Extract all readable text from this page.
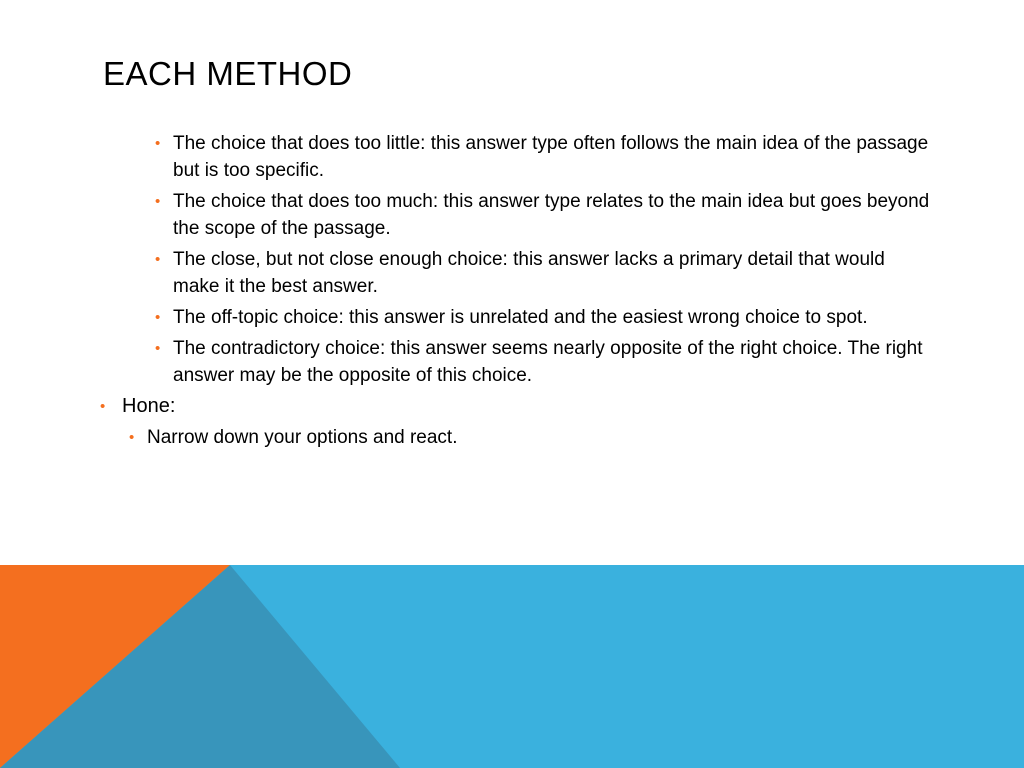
EACH METHOD
• The choice that does too little: this answer type often follows the main idea of the passage but is too specific.
• The choice that does too much: this answer type relates to the main idea but goes beyond the scope of the passage.
• The close, but not close enough choice: this answer lacks a primary detail that would make it the best answer.
• The off-topic choice: this answer is unrelated and the easiest wrong choice to spot.
• The contradictory choice: this answer seems nearly opposite of the right choice. The right answer may be the opposite of this choice.
• Hone:
• Narrow down your options and react.
